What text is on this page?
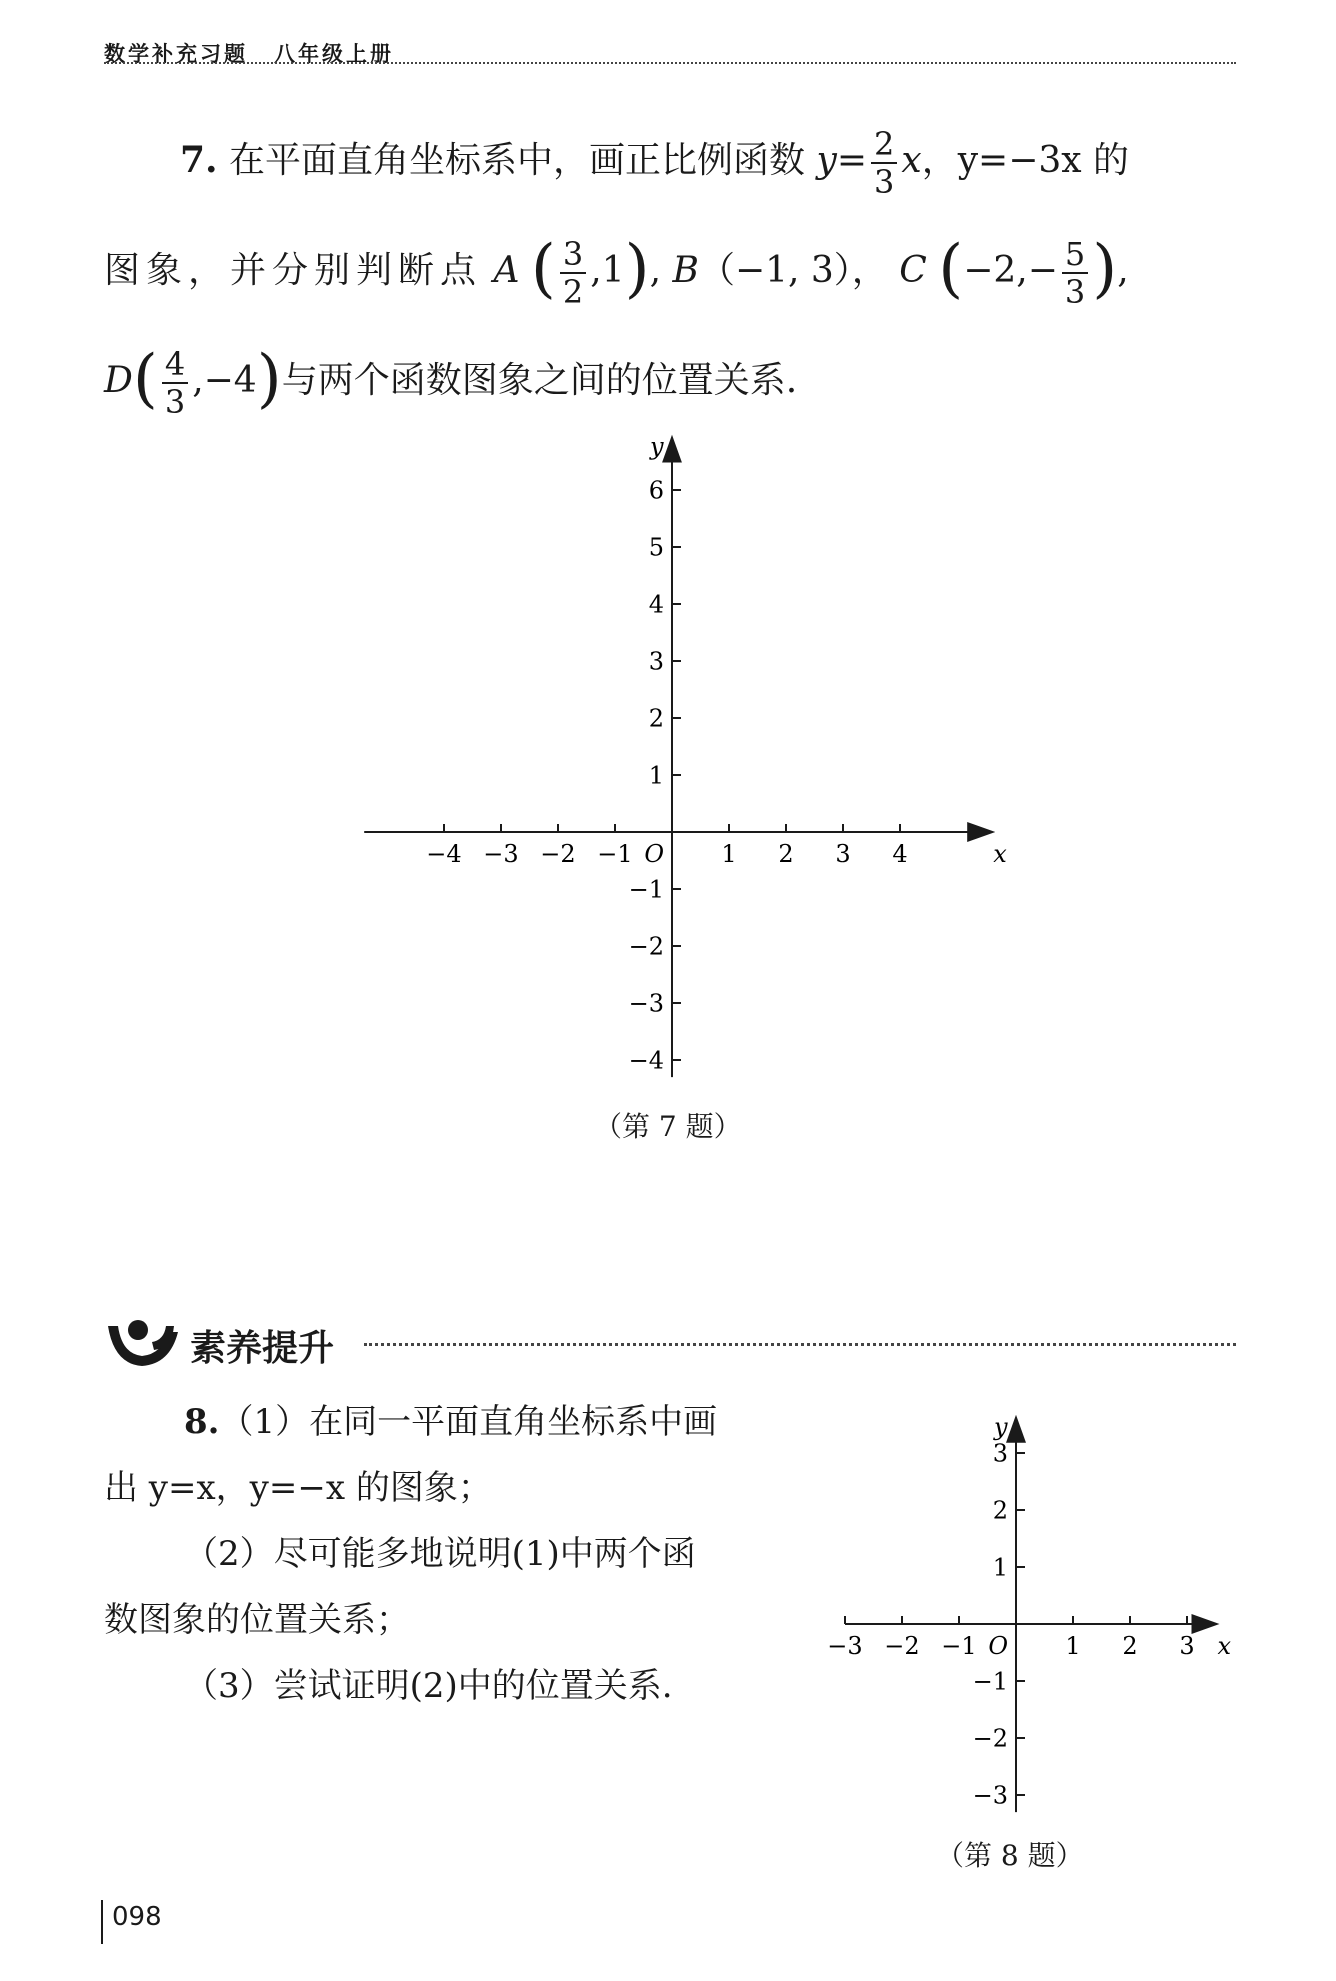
数学补充习题 八年级上册
7. 在平面直角坐标系中，画正比例函数 $y= \frac{2}{3}$ x，y=−3x 的
图象，并分别判断点 A ( $\frac{3}{2} ,1$), B（−1, 3）， C ($-2,- \frac{5}{3}$ ),
$D( \frac{4}{3} ,-4)$与两个函数图象之间的位置关系.
−4 −3 −2 −1	1 2 3 4
6
5
4
3
2
1
−1
−2
−3
−4
O	x
y
（第 7 题）
素养提升
8.（1）在同一平面直角坐标系中画
出 y=x，y=−x 的图象；
（2）尽可能多地说明(1)中两个函
数图象的位置关系；
（3）尝试证明(2)中的位置关系.
−3 −2 −1	1 2 3
3
2
1
−1
−2
−3
O	x
y
（第 8 题）
098
